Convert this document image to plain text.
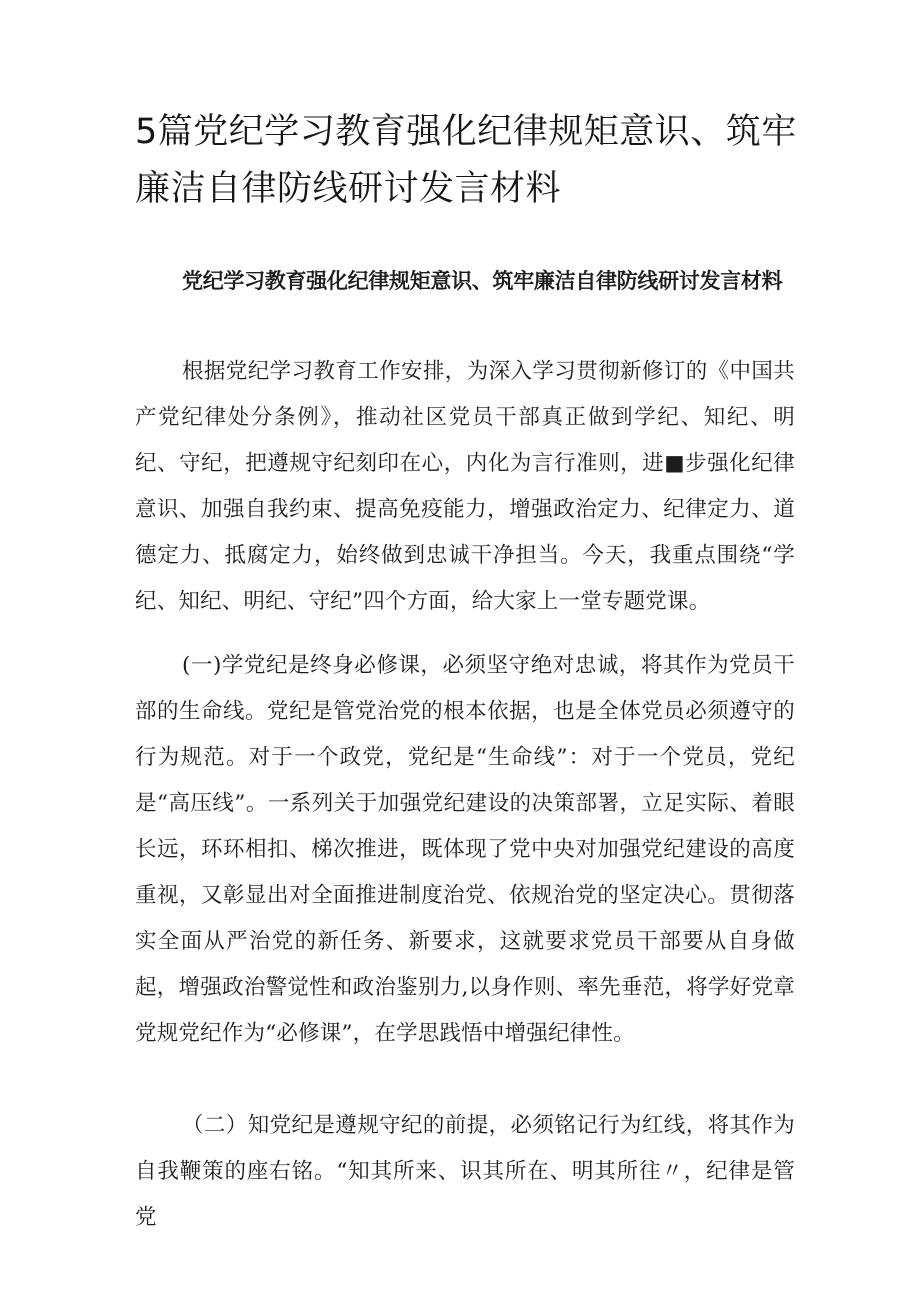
5篇党纪学习教育强化纪律规矩意识、筑牢廉洁自律防线研讨发言材料

党纪学习教育强化纪律规矩意识、筑牢廉洁自律防线研讨发言材料

根据党纪学习教育工作安排，为深入学习贯彻新修订的《中国共产党纪律处分条例》，推动社区党员干部真正做到学纪、知纪、明纪、守纪，把遵规守纪刻印在心，内化为言行准则，进■步强化纪律意识、加强自我约束、提高免疫能力，增强政治定力、纪律定力、道德定力、抵腐定力，始终做到忠诚干净担当。今天，我重点围绕“学纪、知纪、明纪、守纪”四个方面，给大家上一堂专题党课。

(一)学党纪是终身必修课，必须坚守绝对忠诚，将其作为党员干部的生命线。党纪是管党治党的根本依据，也是全体党员必须遵守的行为规范。对于一个政党，党纪是“生命线”：对于一个党员，党纪是“高压线”。一系列关于加强党纪建设的决策部署，立足实际、着眼长远，环环相扣、梯次推进，既体现了党中央对加强党纪建设的高度重视，又彰显出对全面推进制度治党、依规治党的坚定决心。贯彻落实全面从严治党的新任务、新要求，这就要求党员干部要从自身做起，增强政治警觉性和政治鉴别力,以身作则、率先垂范，将学好党章党规党纪作为“必修课”，在学思践悟中增强纪律性。

（二）知党纪是遵规守纪的前提，必须铭记行为红线，将其作为自我鞭策的座右铭。“知其所来、识其所在、明其所往〃，纪律是管党
